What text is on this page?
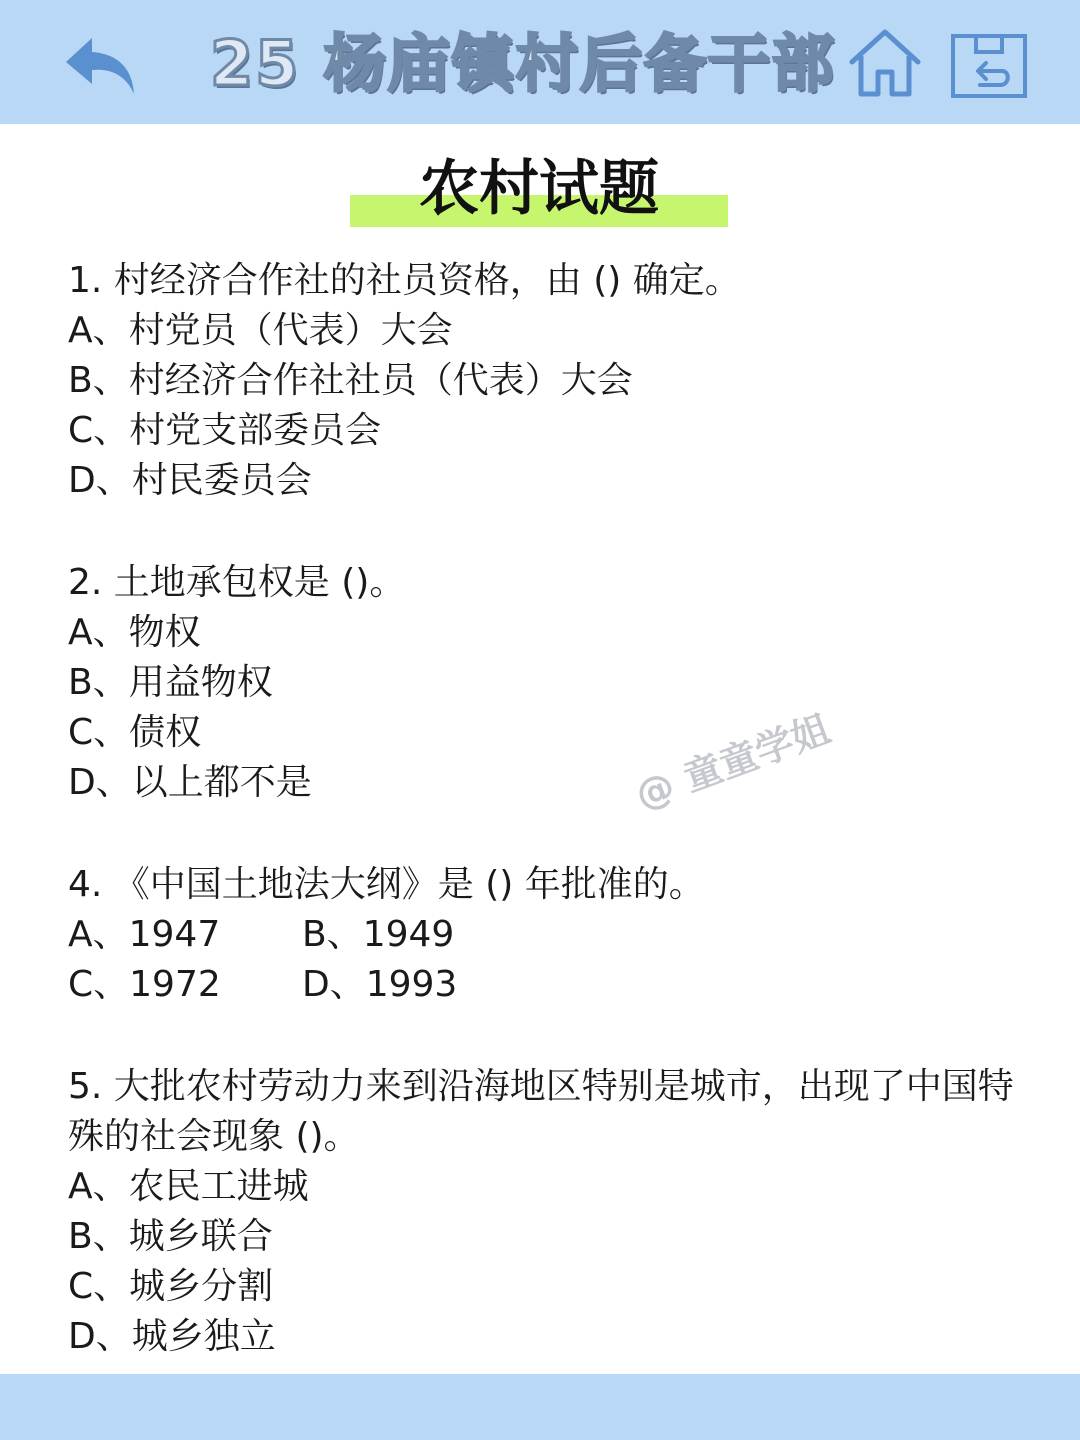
25 杨庙镇村后备干部
农村试题
1. 村经济合作社的社员资格，由 () 确定。
A、村党员（代表）大会
B、村经济合作社社员（代表）大会
C、村党支部委员会
D、村民委员会
2. 土地承包权是 ()。
A、物权
B、用益物权
C、债权
D、以上都不是	@ 童童学姐
4. 《中国土地法大纲》是 () 年批准的。
A、1947	B、1949
C、1972	D、1993
5. 大批农村劳动力来到沿海地区特别是城市，出现了中国特殊的社会现象 ()。
A、农民工进城
B、城乡联合
C、城乡分割
D、城乡独立
